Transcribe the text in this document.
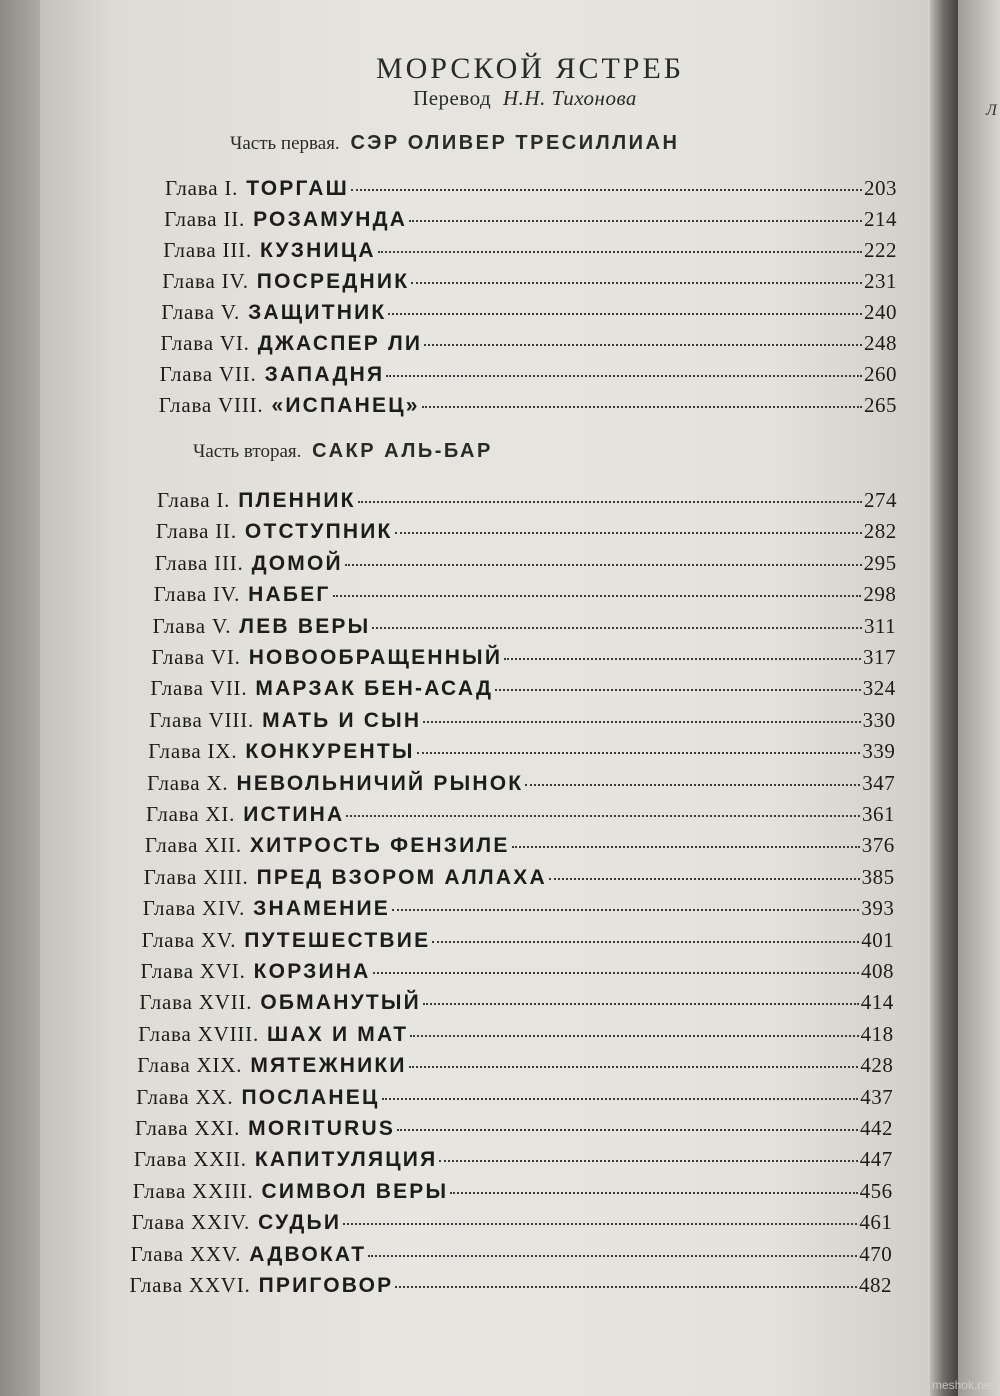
Л
МОРСКОЙ ЯСТРЕБ
Перевод Н.Н. Тихонова
Часть первая. СЭР ОЛИВЕР ТРЕСИЛЛИАН
Глава I. ТОРГАШ	203
Глава II. РОЗАМУНДА	214
Глава III. КУЗНИЦА	222
Глава IV. ПОСРЕДНИК	231
Глава V. ЗАЩИТНИК	240
Глава VI. ДЖАСПЕР ЛИ	248
Глава VII. ЗАПАДНЯ	260
Глава VIII. «ИСПАНЕЦ»	265
Часть вторая. САКР АЛЬ-БАР
Глава I. ПЛЕННИК	274
Глава II. ОТСТУПНИК	282
Глава III. ДОМОЙ	295
Глава IV. НАБЕГ	298
Глава V. ЛЕВ ВЕРЫ	311
Глава VI. НОВООБРАЩЕННЫЙ	317
Глава VII. МАРЗАК БЕН-АСАД	324
Глава VIII. МАТЬ И СЫН	330
Глава IX. КОНКУРЕНТЫ	339
Глава X. НЕВОЛЬНИЧИЙ РЫНОК	347
Глава XI. ИСТИНА	361
Глава XII. ХИТРОСТЬ ФЕНЗИЛЕ	376
Глава XIII. ПРЕД ВЗОРОМ АЛЛАХА	385
Глава XIV. ЗНАМЕНИЕ	393
Глава XV. ПУТЕШЕСТВИЕ	401
Глава XVI. КОРЗИНА	408
Глава XVII. ОБМАНУТЫЙ	414
Глава XVIII. ШАХ И МАТ	418
Глава XIX. МЯТЕЖНИКИ	428
Глава XX. ПОСЛАНЕЦ	437
Глава XXI. MORITURUS	442
Глава XXII. КАПИТУЛЯЦИЯ	447
Глава XXIII. СИМВОЛ ВЕРЫ	456
Глава XXIV. СУДЬИ	461
Глава XXV. АДВОКАТ	470
Глава XXVI. ПРИГОВОР	482
meshok.net
